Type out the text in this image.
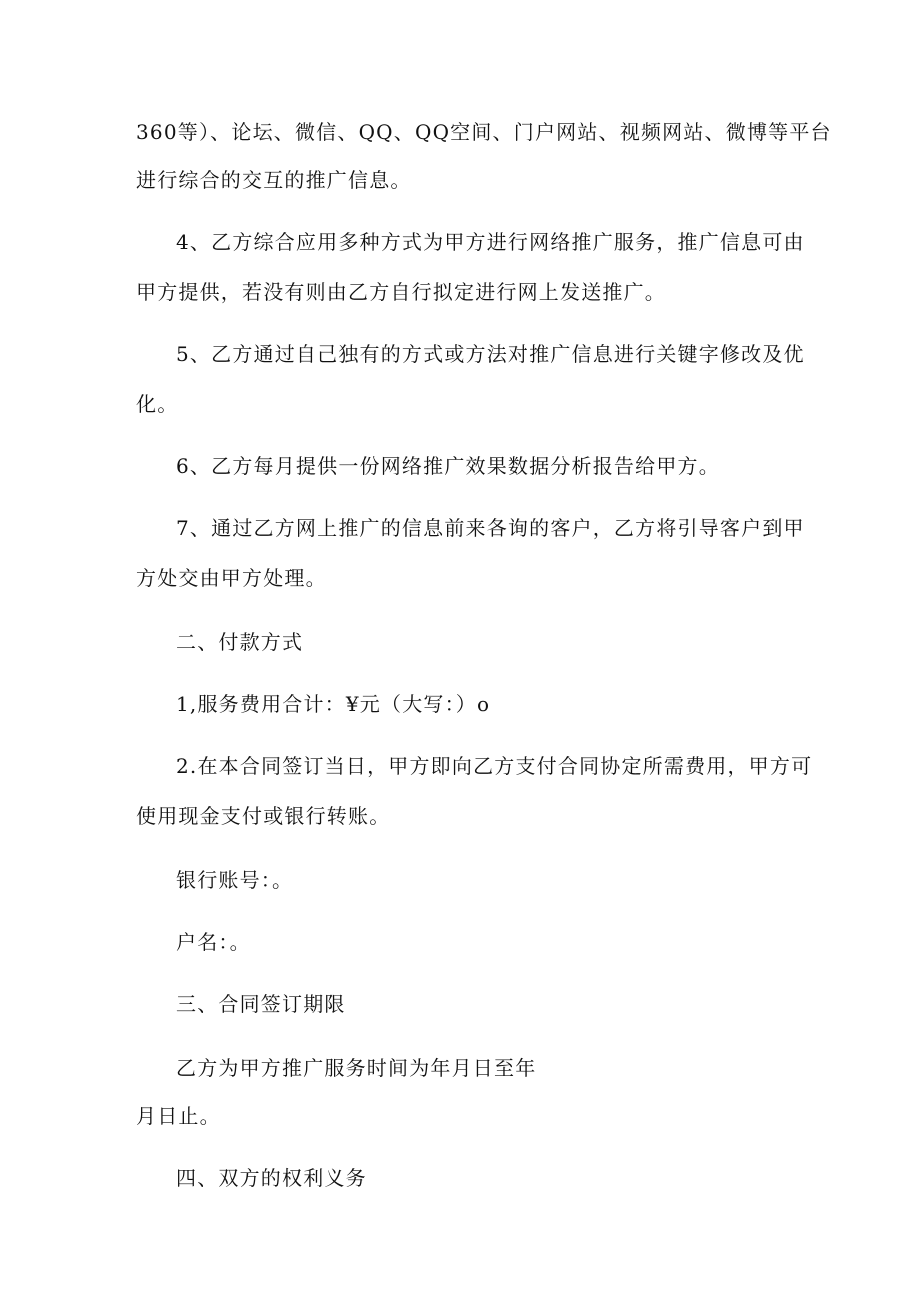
360等）、论坛、微信、QQ、QQ空间、门户网站、视频网站、微博等平台

进行综合的交互的推广信息。

4、乙方综合应用多种方式为甲方进行网络推广服务，推广信息可由

甲方提供，若没有则由乙方自行拟定进行网上发送推广。

5、乙方通过自己独有的方式或方法对推广信息进行关键字修改及优

化。

6、乙方每月提供一份网络推广效果数据分析报告给甲方。

7、通过乙方网上推广的信息前来各询的客户，乙方将引导客户到甲

方处交由甲方处理。

二、付款方式

1,服务费用合计：¥元（大写：）o

2.在本合同签订当日，甲方即向乙方支付合同协定所需费用，甲方可

使用现金支付或银行转账。

银行账号：。

户名：。

三、合同签订期限

乙方为甲方推广服务时间为年月日至年

月日止。

四、双方的权利义务
